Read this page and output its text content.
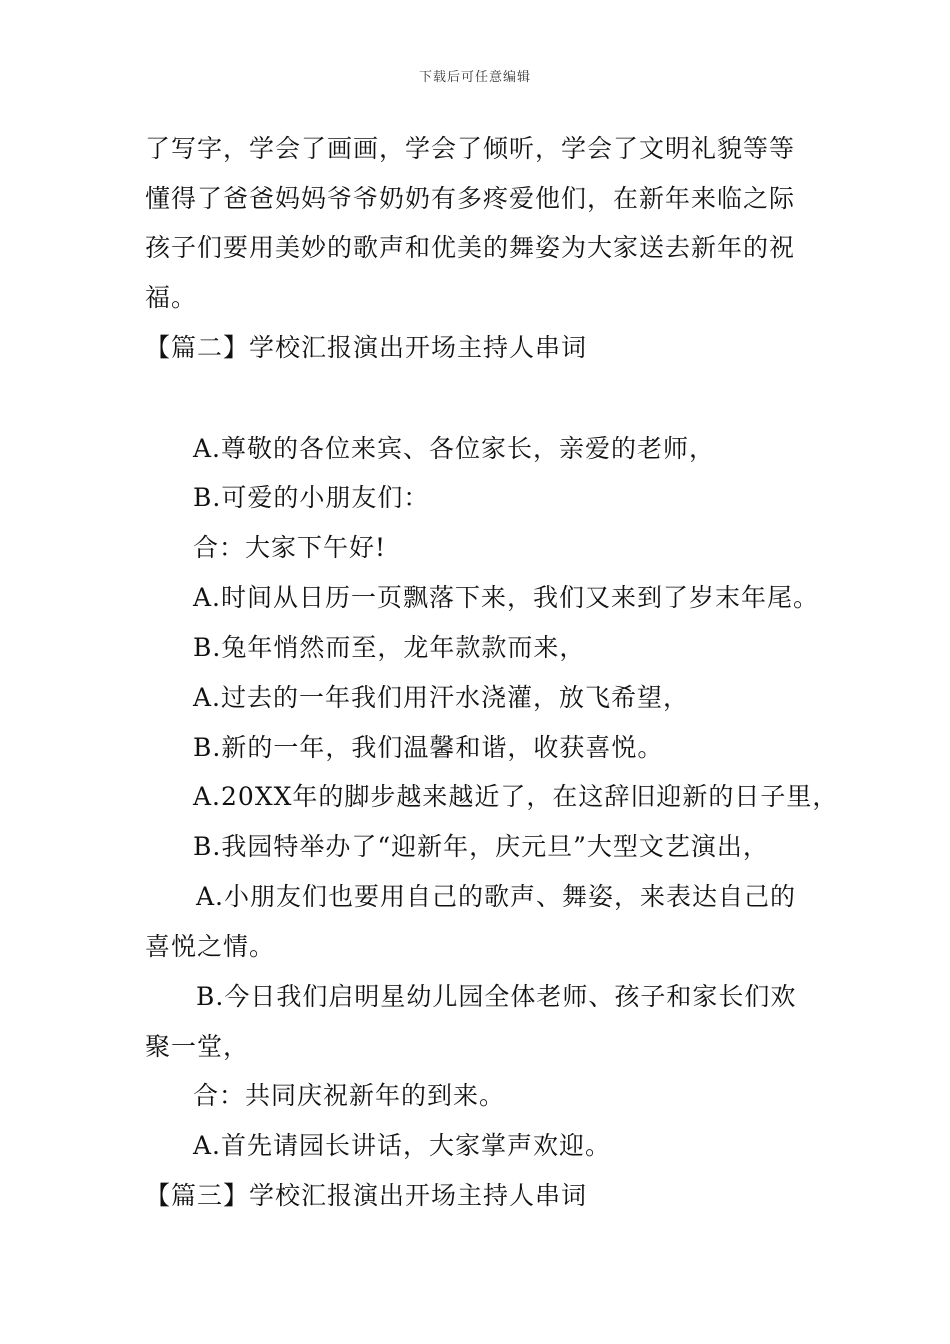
下载后可任意编辑
了写字，学会了画画，学会了倾听，学会了文明礼貌等等
懂得了爸爸妈妈爷爷奶奶有多疼爱他们，在新年来临之际
孩子们要用美妙的歌声和优美的舞姿为大家送去新年的祝
福。
【篇二】学校汇报演出开场主持人串词
A.尊敬的各位来宾、各位家长，亲爱的老师，
B.可爱的小朋友们：
合：大家下午好!
A.时间从日历一页飘落下来，我们又来到了岁末年尾。
B.兔年悄然而至，龙年款款而来，
A.过去的一年我们用汗水浇灌，放飞希望，
B.新的一年，我们温馨和谐，收获喜悦。
A.20XX年的脚步越来越近了，在这辞旧迎新的日子里，
B.我园特举办了“迎新年，庆元旦”大型文艺演出，
A.小朋友们也要用自己的歌声、舞姿，来表达自己的
喜悦之情。
B.今日我们启明星幼儿园全体老师、孩子和家长们欢
聚一堂，
合：共同庆祝新年的到来。
A.首先请园长讲话，大家掌声欢迎。
【篇三】学校汇报演出开场主持人串词
